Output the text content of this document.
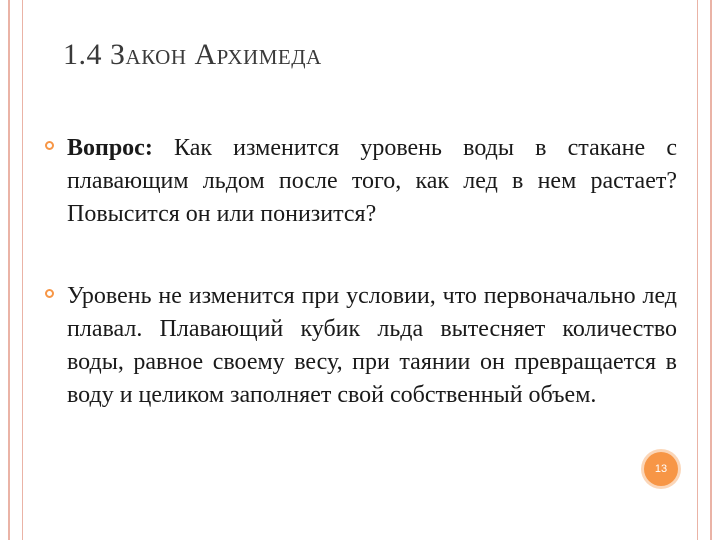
1.4 Закон Архимеда
Вопрос: Как изменится уровень воды в стакане с плавающим льдом после того, как лед в нем растает? Повысится он или понизится?
Уровень не изменится при условии, что первоначально лед плавал. Плавающий кубик льда вытесняет количество воды, равное своему весу, при таянии он превращается в воду и целиком заполняет свой собственный объем.
13
